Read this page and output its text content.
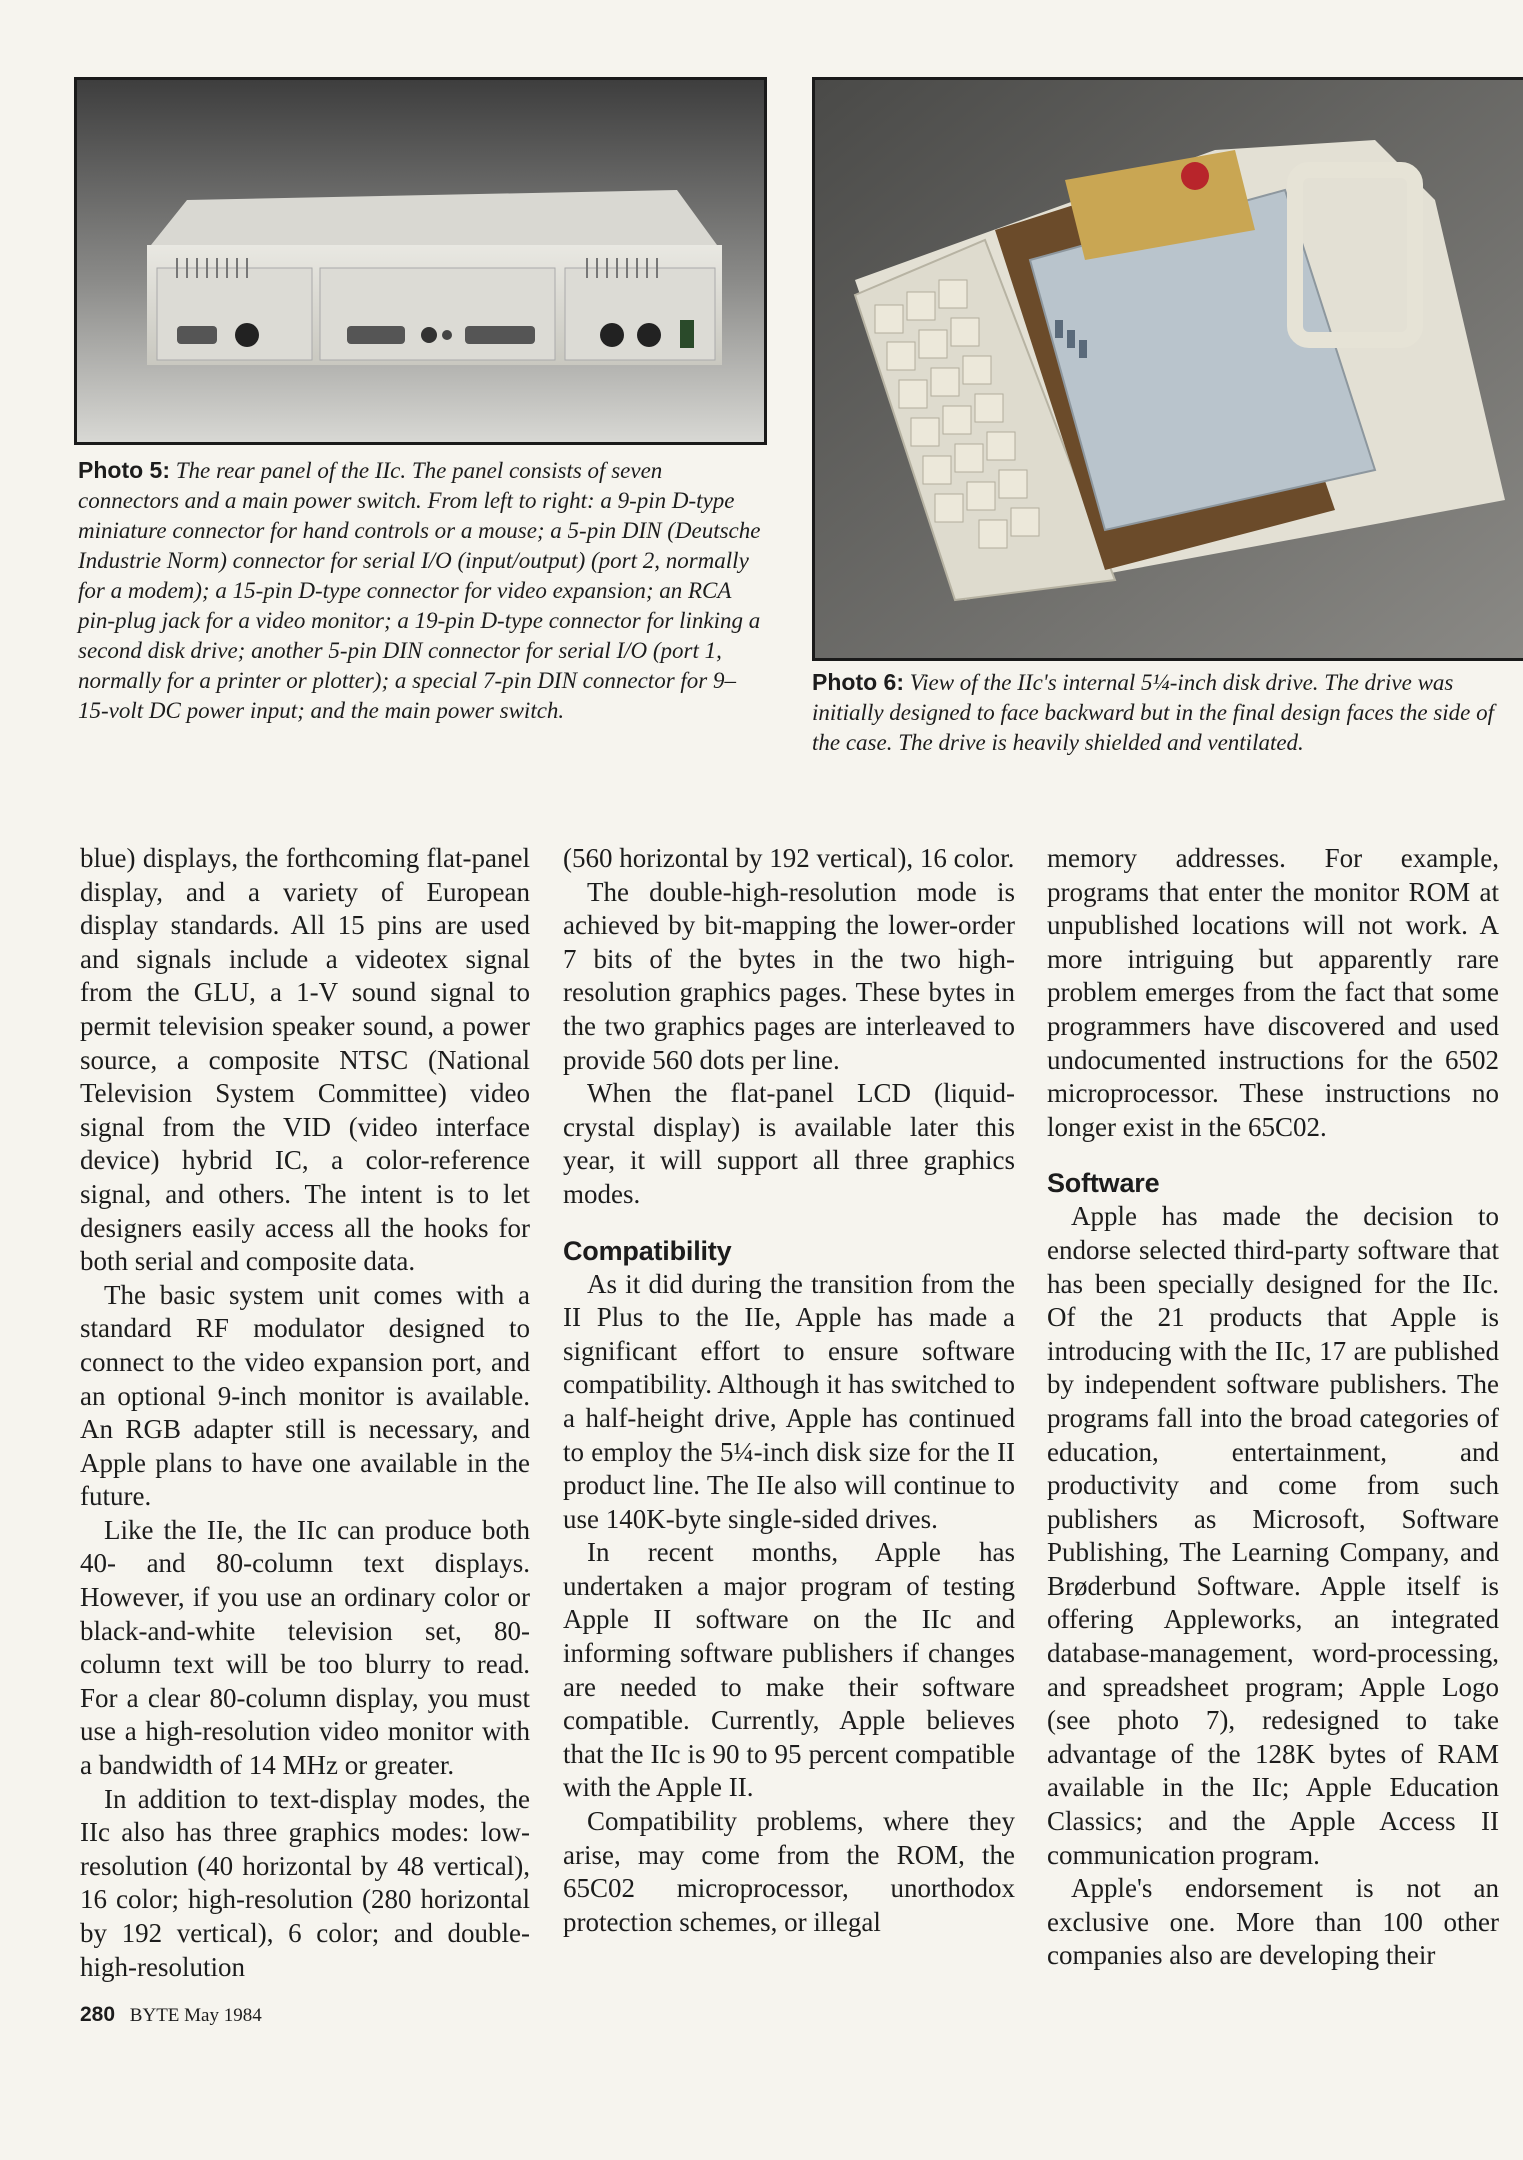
Photo 5: The rear panel of the IIc. The panel consists of seven connectors and a main power switch. From left to right: a 9-pin D-type miniature connector for hand controls or a mouse; a 5-pin DIN (Deutsche Industrie Norm) connector for serial I/O (input/output) (port 2, normally for a modem); a 15-pin D-type connector for video expansion; an RCA pin-plug jack for a video monitor; a 19-pin D-type connector for linking a second disk drive; another 5-pin DIN connector for serial I/O (port 1, normally for a printer or plotter); a special 7-pin DIN connector for 9–15-volt DC power input; and the main power switch.
Photo 6: View of the IIc's internal 5¼-inch disk drive. The drive was initially designed to face backward but in the final design faces the side of the case. The drive is heavily shielded and ventilated.

blue) displays, the forthcoming flat-panel display, and a variety of European display standards. All 15 pins are used and signals include a videotex signal from the GLU, a 1-V sound signal to permit television speaker sound, a power source, a composite NTSC (National Television System Committee) video signal from the VID (video interface device) hybrid IC, a color-reference signal, and others. The intent is to let designers easily access all the hooks for both serial and composite data.

The basic system unit comes with a standard RF modulator designed to connect to the video expansion port, and an optional 9-inch monitor is available. An RGB adapter still is necessary, and Apple plans to have one available in the future.

Like the IIe, the IIc can produce both 40- and 80-column text displays. However, if you use an ordinary color or black-and-white television set, 80-column text will be too blurry to read. For a clear 80-column display, you must use a high-resolution video monitor with a bandwidth of 14 MHz or greater.

In addition to text-display modes, the IIc also has three graphics modes: low-resolution (40 horizontal by 48 vertical), 16 color; high-resolution (280 horizontal by 192 vertical), 6 color; and double-high-resolution

(560 horizontal by 192 vertical), 16 color.

The double-high-resolution mode is achieved by bit-mapping the lower-order 7 bits of the bytes in the two high-resolution graphics pages. These bytes in the two graphics pages are interleaved to provide 560 dots per line.

When the flat-panel LCD (liquid-crystal display) is available later this year, it will support all three graphics modes.

Compatibility

As it did during the transition from the II Plus to the IIe, Apple has made a significant effort to ensure software compatibility. Although it has switched to a half-height drive, Apple has continued to employ the 5¼-inch disk size for the II product line. The IIe also will continue to use 140K-byte single-sided drives.

In recent months, Apple has undertaken a major program of testing Apple II software on the IIc and informing software publishers if changes are needed to make their software compatible. Currently, Apple believes that the IIc is 90 to 95 percent compatible with the Apple II.

Compatibility problems, where they arise, may come from the ROM, the 65C02 microprocessor, unorthodox protection schemes, or illegal

memory addresses. For example, programs that enter the monitor ROM at unpublished locations will not work. A more intriguing but apparently rare problem emerges from the fact that some programmers have discovered and used undocumented instructions for the 6502 microprocessor. These instructions no longer exist in the 65C02.

Software

Apple has made the decision to endorse selected third-party software that has been specially designed for the IIc. Of the 21 products that Apple is introducing with the IIc, 17 are published by independent software publishers. The programs fall into the broad categories of education, entertainment, and productivity and come from such publishers as Microsoft, Software Publishing, The Learning Company, and Brøderbund Software. Apple itself is offering Appleworks, an integrated database-management, word-processing, and spreadsheet program; Apple Logo (see photo 7), redesigned to take advantage of the 128K bytes of RAM available in the IIc; Apple Education Classics; and the Apple Access II communication program.

Apple's endorsement is not an exclusive one. More than 100 other companies also are developing their

280 BYTE May 1984
